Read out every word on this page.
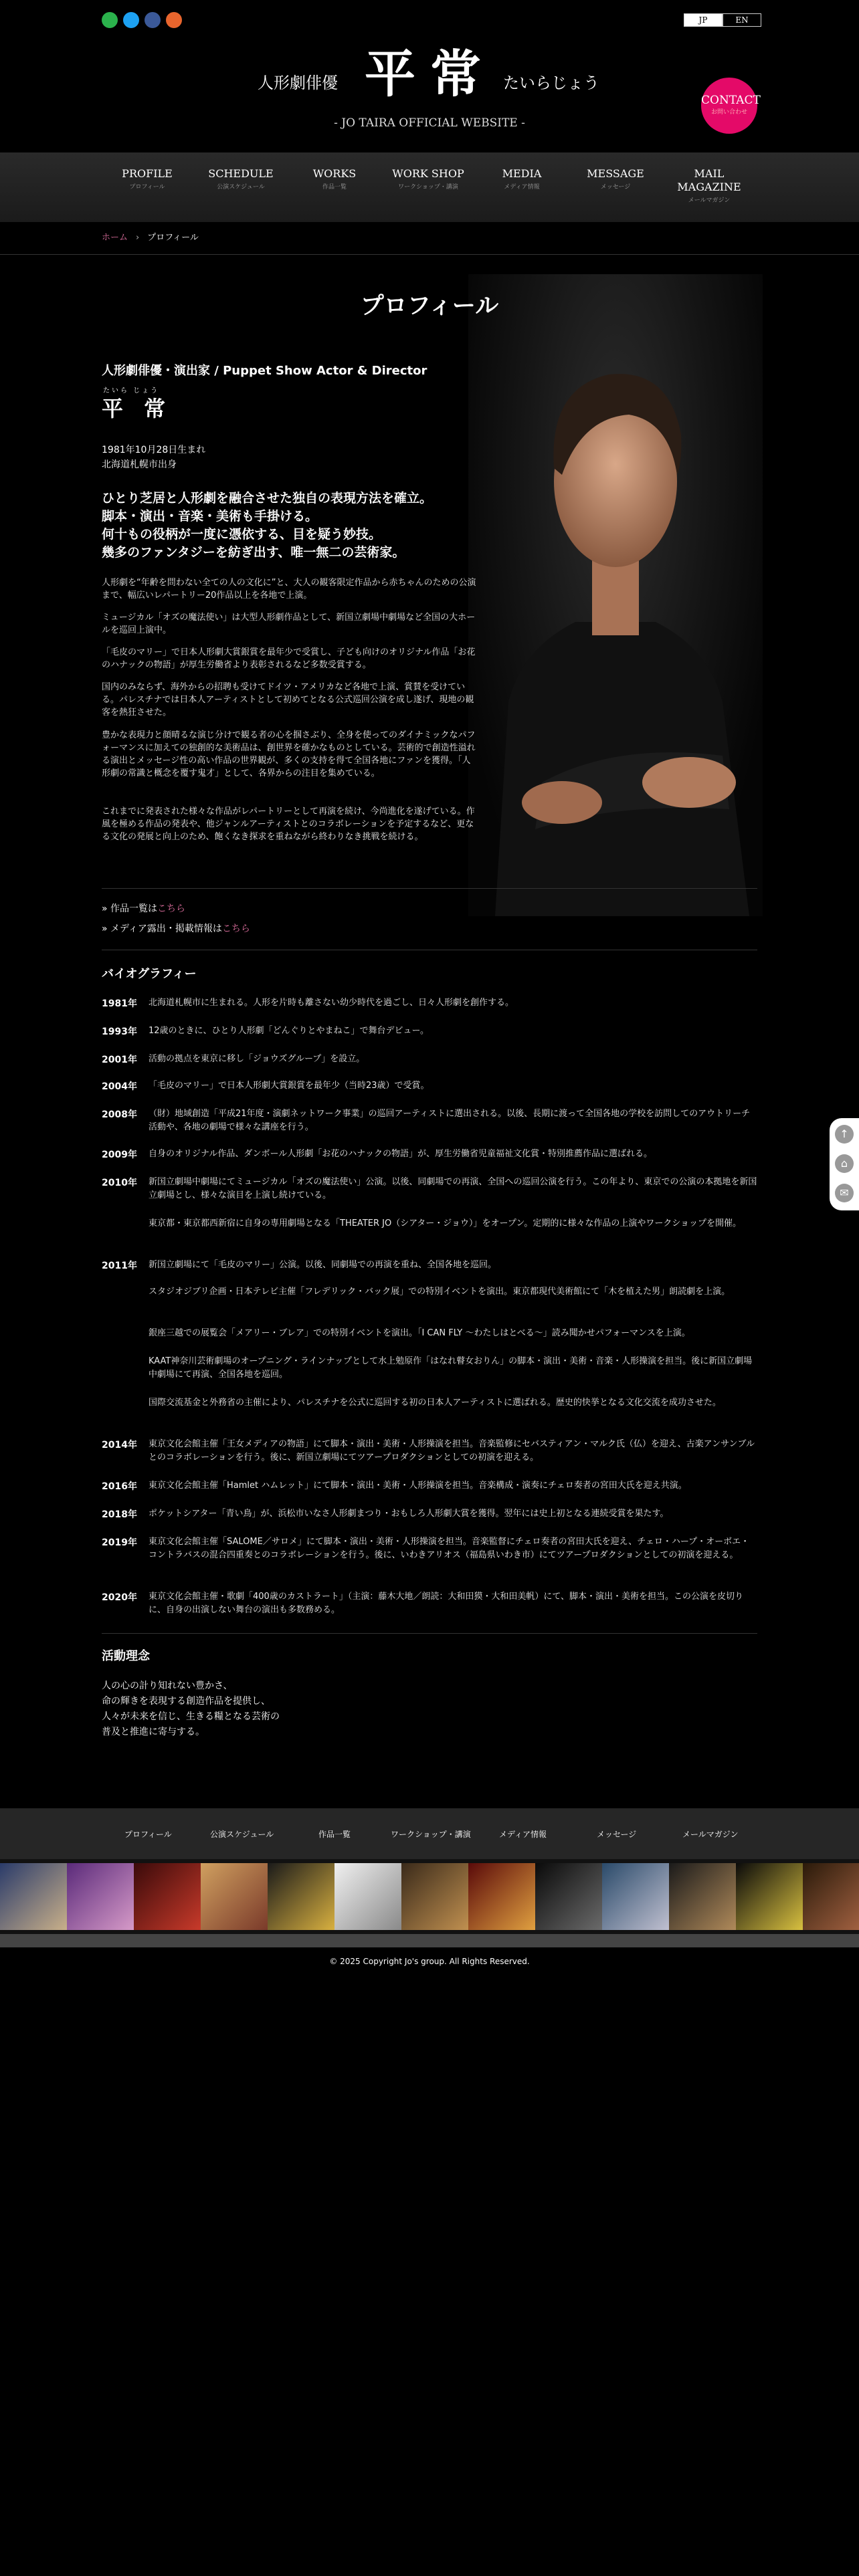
JP	EN
人形劇俳優 平常 たいらじょう
- JO TAIRA OFFICIAL WEBSITE -
CONTACT
お問い合わせ
PROFILE
プロフィール
SCHEDULE
公演スケジュール
WORKS
作品一覧
WORK SHOP
ワークショップ・講演
MEDIA
メディア情報
MESSAGE
メッセージ
MAIL MAGAZINE
メールマガジン
ホーム › プロフィール
プロフィール
人形劇俳優・演出家 / Puppet Show Actor & Director
たいら じょう
平 常
1981年10月28日生まれ
北海道札幌市出身
ひとり芝居と人形劇を融合させた独自の表現方法を確立。
脚本・演出・音楽・美術も手掛ける。
何十もの役柄が一度に憑依する、目を疑う妙技。
幾多のファンタジーを紡ぎ出す、唯一無二の芸術家。
人形劇を“年齢を問わない全ての人の文化に”と、大人の観客限定作品から赤ちゃんのための公演まで、幅広いレパートリー20作品以上を各地で上演。
ミュージカル「オズの魔法使い」は大型人形劇作品として、新国立劇場中劇場など全国の大ホールを巡回上演中。
「毛皮のマリー」で日本人形劇大賞銀賞を最年少で受賞し、子ども向けのオリジナル作品「お花のハナックの物語」が厚生労働省より表彰されるなど多数受賞する。
国内のみならず、海外からの招聘も受けてドイツ・アメリカなど各地で上演、賞賛を受けている。パレスチナでは日本人アーティストとして初めてとなる公式巡回公演を成し遂げ、現地の観客を熱狂させた。
豊かな表現力と顔晴るな演じ分けで観る者の心を掴さぶり、全身を使ってのダイナミックなパフォーマンスに加えての独創的な美術品は、創世界を確かなものとしている。芸術的で創造性溢れる演出とメッセージ性の高い作品の世界観が、多くの支持を得て全国各地にファンを獲得。「人形劇の常識と概念を覆す鬼才」として、各界からの注目を集めている。
これまでに発表された様々な作品がレパートリーとして再演を続け、今尚進化を遂げている。作風を極める作品の発表や、他ジャンルアーティストとのコラボレーションを予定するなど、更なる文化の発展と向上のため、飽くなき探求を重ねながら終わりなき挑戦を続ける。
» 作品一覧はこちら
» メディア露出・掲載情報はこちら
バイオグラフィー
1981年 北海道札幌市に生まれる。人形を片時も離さない幼少時代を過ごし、日々人形劇を創作する。
1993年 12歳のときに、ひとり人形劇「どんぐりとやまねこ」で舞台デビュー。
2001年 活動の拠点を東京に移し「ジョウズグループ」を設立。
2004年 「毛皮のマリー」で日本人形劇大賞銀賞を最年少（当時23歳）で受賞。
2008年 （財）地域創造「平成21年度・演劇ネットワーク事業」の巡回アーティストに選出される。以後、長期に渡って全国各地の学校を訪問してのアウトリーチ活動や、各地の劇場で様々な講座を行う。
2009年 自身のオリジナル作品、ダンボール人形劇「お花のハナックの物語」が、厚生労働省児童福祉文化賞・特別推薦作品に選ばれる。
2010年 新国立劇場中劇場にてミュージカル「オズの魔法使い」公演。以後、同劇場での再演、全国への巡回公演を行う。この年より、東京での公演の本拠地を新国立劇場とし、様々な演目を上演し続けている。
東京都・東京都西新宿に自身の専用劇場となる「THEATER JO（シアター・ジョウ）」をオープン。定期的に様々な作品の上演やワークショップを開催。
2011年 新国立劇場にて「毛皮のマリー」公演。以後、同劇場での再演を重ね、全国各地を巡回。
スタジオジブリ企画・日本テレビ主催「フレデリック・バック展」での特別イベントを演出。東京都現代美術館にて「木を植えた男」朗読劇を上演。
銀座三越での展覧会「メアリー・ブレア」での特別イベントを演出。「I CAN FLY 〜わたしはとべる〜」読み聞かせパフォーマンスを上演。
KAAT神奈川芸術劇場のオープニング・ラインナップとして水上勉原作「はなれ瞽女おりん」の脚本・演出・美術・音楽・人形操演を担当。後に新国立劇場中劇場にて再演、全国各地を巡回。
国際交流基金と外務省の主催により、パレスチナを公式に巡回する初の日本人アーティストに選ばれる。歴史的快挙となる文化交流を成功させた。
2014年 東京文化会館主催「王女メディアの物語」にて脚本・演出・美術・人形操演を担当。音楽監修にセバスティアン・マルク氏（仏）を迎え、古楽アンサンブルとのコラボレーションを行う。後に、新国立劇場にてツアープロダクションとしての初演を迎える。
2016年 東京文化会館主催「Hamlet ハムレット」にて脚本・演出・美術・人形操演を担当。音楽構成・演奏にチェロ奏者の宮田大氏を迎え共演。
2018年 ポケットシアター「青い鳥」が、浜松市いなさ人形劇まつり・おもしろ人形劇大賞を獲得。翌年には史上初となる連続受賞を果たす。
2019年 東京文化会館主催「SALOME／サロメ」にて脚本・演出・美術・人形操演を担当。音楽監督にチェロ奏者の宮田大氏を迎え、チェロ・ハープ・オーボエ・コントラバスの混合四重奏とのコラボレーションを行う。後に、いわきアリオス（福島県いわき市）にてツアープロダクションとしての初演を迎える。
2020年 東京文化会館主催・歌劇「400歳のカストラート」（主演：藤木大地／朗読：大和田獏・大和田美帆）にて、脚本・演出・美術を担当。この公演を皮切りに、自身の出演しない舞台の演出も多数務める。
活動理念
人の心の計り知れない豊かさ、
命の輝きを表現する創造作品を提供し、
人々が未来を信じ、生きる糧となる芸術の
普及と推進に寄与する。
プロフィール	公演スケジュール	作品一覧	ワークショップ・講演	メディア情報	メッセージ	メールマガジン
© 2025 Copyright Jo's group. All Rights Reserved.
↑
⌂
✉
